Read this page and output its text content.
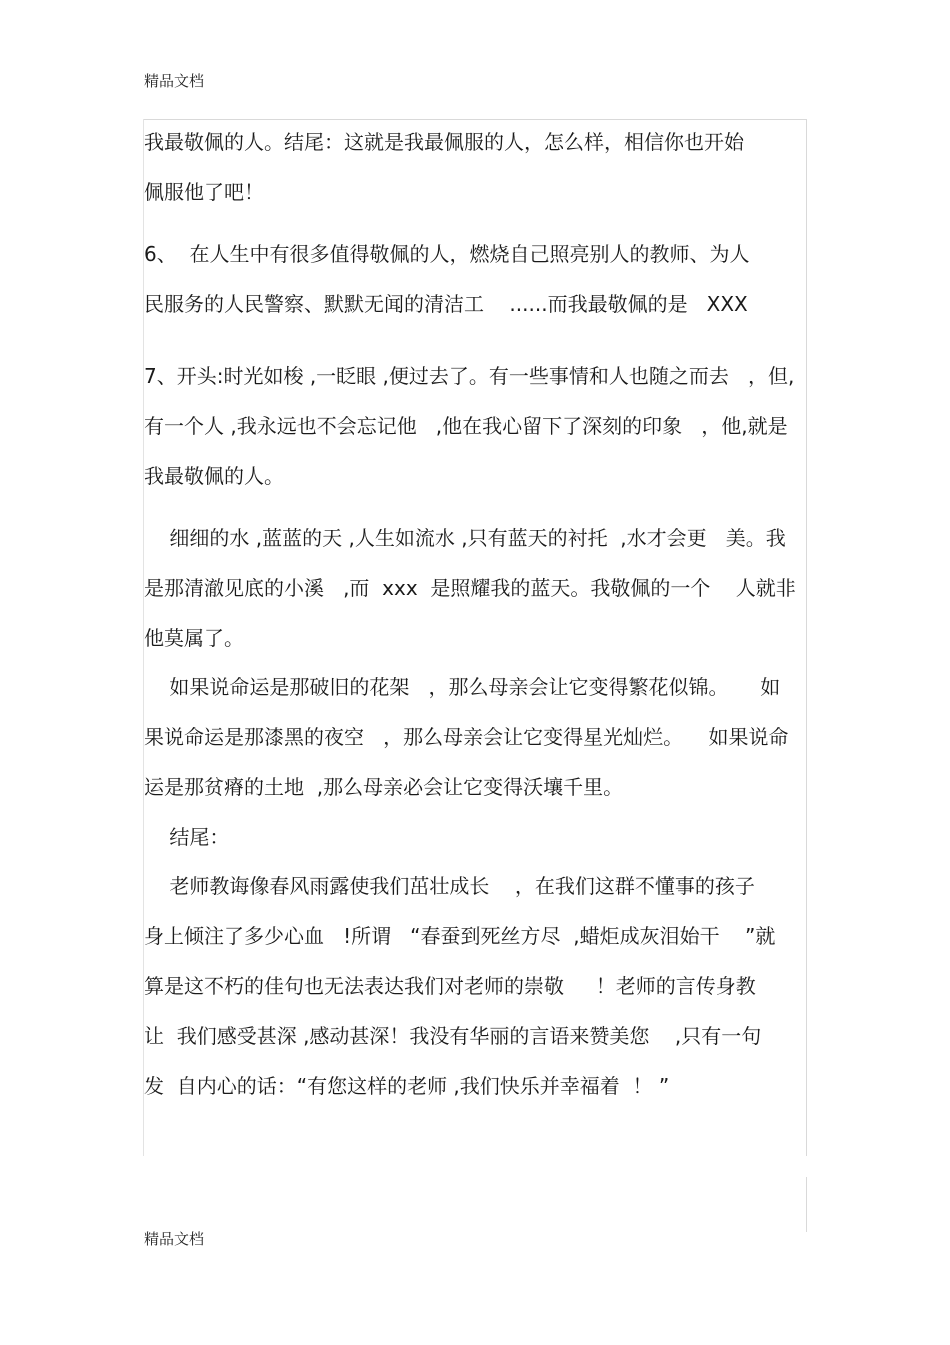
精品文档
我最敬佩的人。结尾：这就是我最佩服的人，怎么样，相信你也开始
佩服他了吧！
6、  在人生中有很多值得敬佩的人，燃烧自己照亮别人的教师、为人
民服务的人民警察、默默无闻的清洁工    ......而我最敬佩的是   XXX
7、开头:时光如梭 ,一眨眼 ,便过去了。有一些事情和人也随之而去   ，但,
有一个人 ,我永远也不会忘记他   ,他在我心留下了深刻的印象   ，他,就是
我最敬佩的人。
细细的水 ,蓝蓝的天 ,人生如流水 ,只有蓝天的衬托  ,水才会更   美。我
是那清澈见底的小溪   ,而  xxx  是照耀我的蓝天。我敬佩的一个    人就非
他莫属了。
如果说命运是那破旧的花架   ，那么母亲会让它变得繁花似锦。     如
果说命运是那漆黑的夜空   ，那么母亲会让它变得星光灿烂。    如果说命
运是那贫瘠的土地  ,那么母亲必会让它变得沃壤千里。
结尾：
老师教诲像春风雨露使我们茁壮成长    ，在我们这群不懂事的孩子
身上倾注了多少心血   !所谓   “春蚕到死丝方尽  ,蜡炬成灰泪始干    ”就
算是这不朽的佳句也无法表达我们对老师的崇敬     ！老师的言传身教
让  我们感受甚深 ,感动甚深！我没有华丽的言语来赞美您    ,只有一句
发  自内心的话：“有您这样的老师 ,我们快乐并幸福着  ！ ”
精品文档
